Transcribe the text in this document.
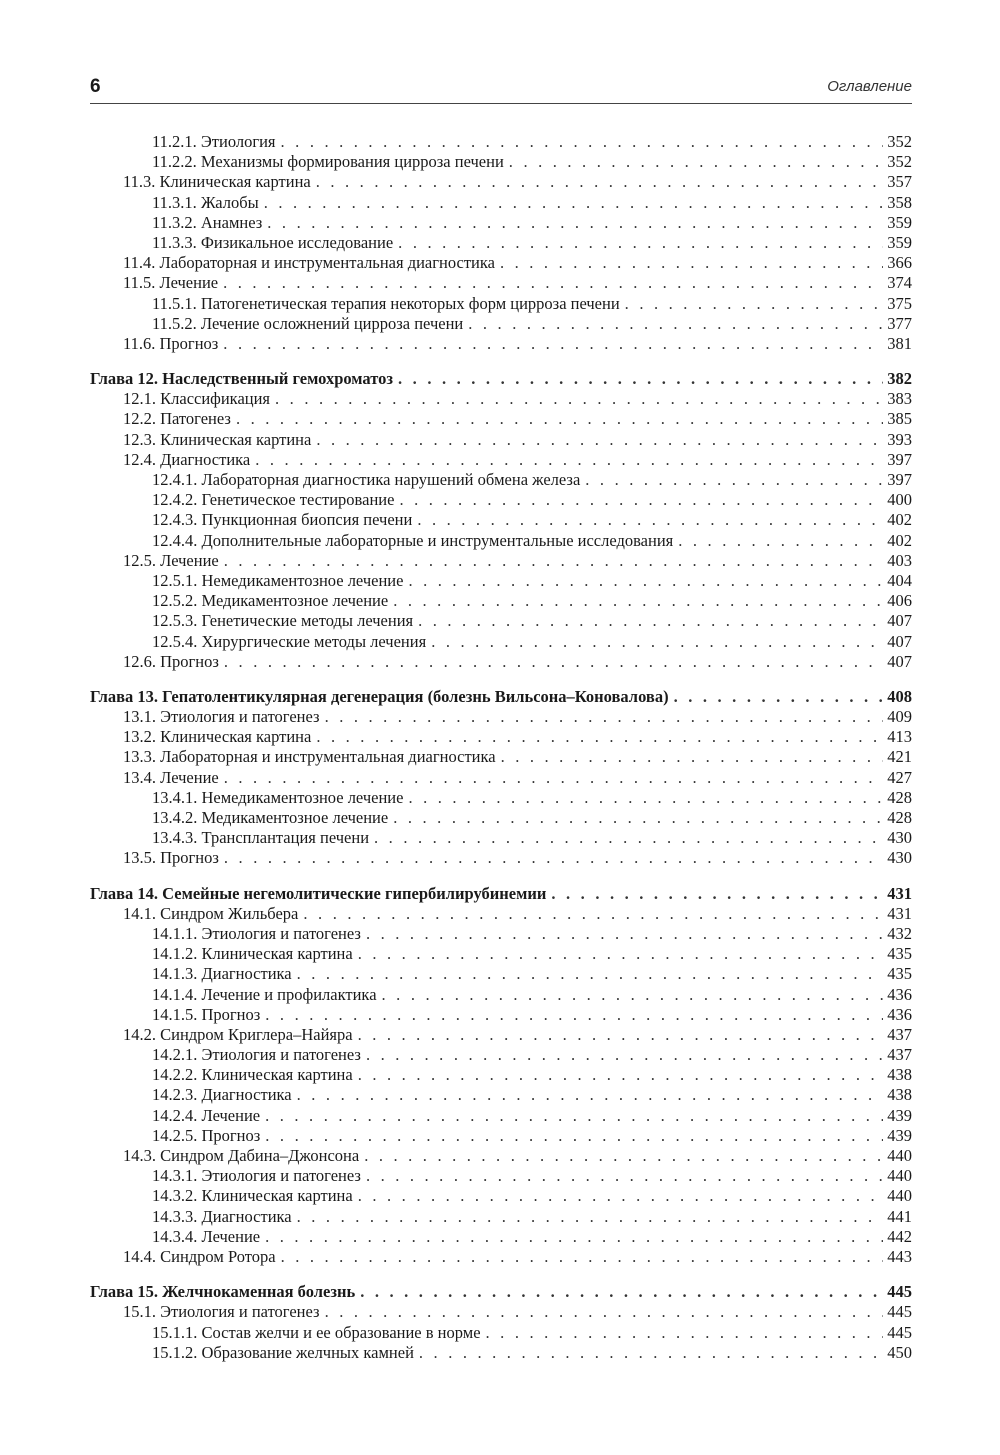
6	Оглавление
11.2.1. Этиология . . .	352
11.2.2. Механизмы формирования цирроза печени . . .	352
11.3. Клиническая картина . . .	357
11.3.1. Жалобы . . .	358
11.3.2. Анамнез . . .	359
11.3.3. Физикальное исследование . . .	359
11.4. Лабораторная и инструментальная диагностика . . .	366
11.5. Лечение . . .	374
11.5.1. Патогенетическая терапия некоторых форм цирроза печени . . .	375
11.5.2. Лечение осложнений цирроза печени . . .	377
11.6. Прогноз . . .	381
Глава 12. Наследственный гемохроматоз . . .	382
12.1. Классификация . . .	383
12.2. Патогенез . . .	385
12.3. Клиническая картина . . .	393
12.4. Диагностика . . .	397
12.4.1. Лабораторная диагностика нарушений обмена железа . . .	397
12.4.2. Генетическое тестирование . . .	400
12.4.3. Пункционная биопсия печени . . .	402
12.4.4. Дополнительные лабораторные и инструментальные исследования . . .	402
12.5. Лечение . . .	403
12.5.1. Немедикаментозное лечение . . .	404
12.5.2. Медикаментозное лечение . . .	406
12.5.3. Генетические методы лечения . . .	407
12.5.4. Хирургические методы лечения . . .	407
12.6. Прогноз . . .	407
Глава 13. Гепатолентикулярная дегенерация (болезнь Вильсона–Коновалова) . . .	408
13.1. Этиология и патогенез . . .	409
13.2. Клиническая картина . . .	413
13.3. Лабораторная и инструментальная диагностика . . .	421
13.4. Лечение . . .	427
13.4.1. Немедикаментозное лечение . . .	428
13.4.2. Медикаментозное лечение . . .	428
13.4.3. Трансплантация печени . . .	430
13.5. Прогноз . . .	430
Глава 14. Семейные негемолитические гипербилирубинемии . . .	431
14.1. Синдром Жильбера . . .	431
14.1.1. Этиология и патогенез . . .	432
14.1.2. Клиническая картина . . .	435
14.1.3. Диагностика . . .	435
14.1.4. Лечение и профилактика . . .	436
14.1.5. Прогноз . . .	436
14.2. Синдром Криглера–Найяра . . .	437
14.2.1. Этиология и патогенез . . .	437
14.2.2. Клиническая картина . . .	438
14.2.3. Диагностика . . .	438
14.2.4. Лечение . . .	439
14.2.5. Прогноз . . .	439
14.3. Синдром Дабина–Джонсона . . .	440
14.3.1. Этиология и патогенез . . .	440
14.3.2. Клиническая картина . . .	440
14.3.3. Диагностика . . .	441
14.3.4. Лечение . . .	442
14.4. Синдром Ротора . . .	443
Глава 15. Желчнокаменная болезнь . . .	445
15.1. Этиология и патогенез . . .	445
15.1.1. Состав желчи и ее образование в норме . . .	445
15.1.2. Образование желчных камней . . .	450
